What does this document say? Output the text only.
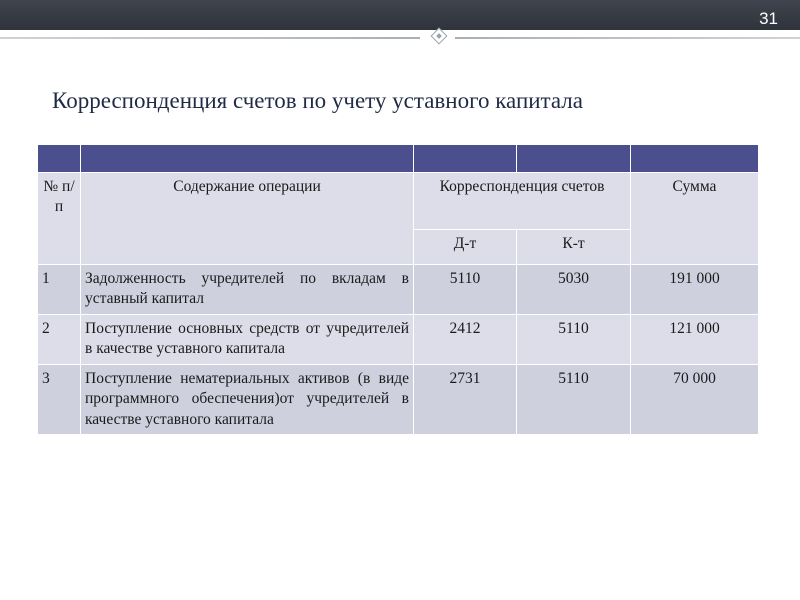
31
Корреспонденция счетов по учету уставного капитала

№ п/п	Содержание операции	Корреспонденция счетов		Сумма
		Д-т	К-т	
1	Задолженность учредителей по вкладам в уставный капитал	5110	5030	191 000
2	Поступление основных средств от учредителей в качестве уставного капитала	2412	5110	121 000
3	Поступление нематериальных активов (в виде программного обеспечения)от учредителей в качестве уставного капитала	2731	5110	70 000
